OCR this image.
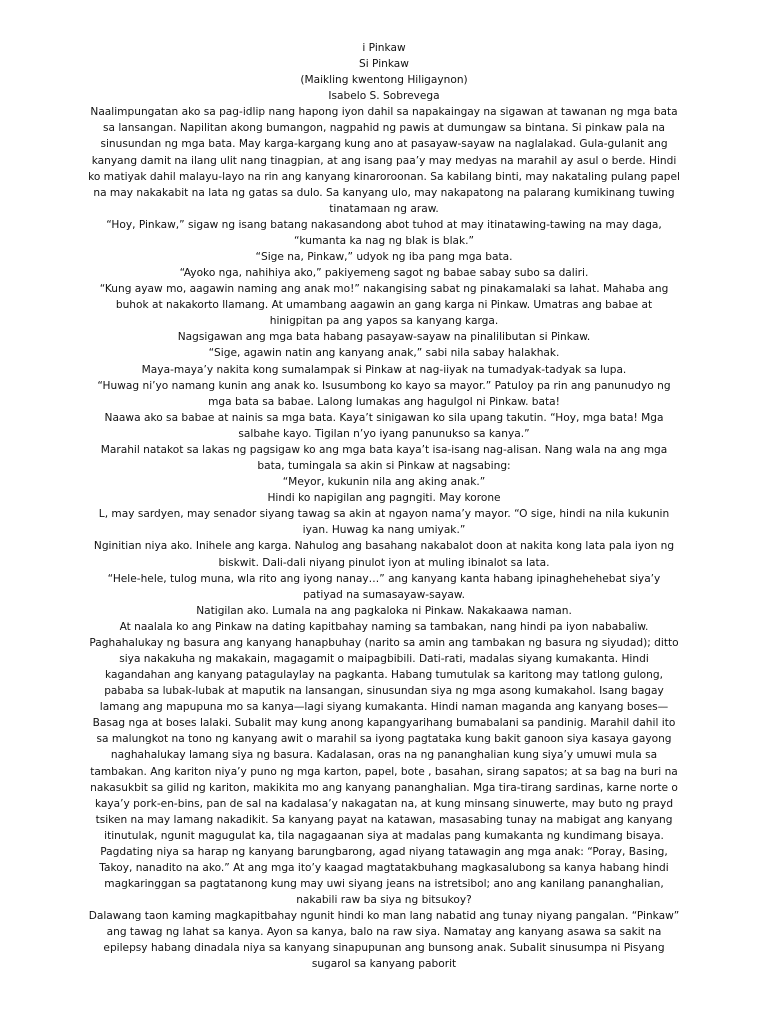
i Pinkaw

Si Pinkaw

(Maikling kwentong Hiligaynon)

Isabelo S. Sobrevega

Naalimpungatan ako sa pag-idlip nang hapong iyon dahil sa napakaingay na sigawan at tawanan ng mga bata sa lansangan. Napilitan akong bumangon, nagpahid ng pawis at dumungaw sa bintana. Si pinkaw pala na sinusundan ng mga bata. May karga-kargang kung ano at pasayaw-sayaw na naglalakad. Gula-gulanit ang kanyang damit na ilang ulit nang tinagpian, at ang isang paa’y may medyas na marahil ay asul o berde. Hindi ko matiyak dahil malayu-layo na rin ang kanyang kinaroroonan. Sa kabilang binti, may nakatali​ng pulang papel na may nakakabit na lata ng gatas sa dulo. Sa kanyang ulo, may nakapatong na palarang kumikinang tuwing tinatamaan ng araw.

“Hoy, Pinkaw,” sigaw ng isang batang nakasandong abot tuhod at may itinatawing-tawing na may daga, “kumanta ka nag ng blak is blak.”

“Sige na, Pinkaw,” udyok ng iba pang mga bata.

“Ayoko nga, nahihiya ako,” pakiyemeng sagot ng babae sabay subo sa daliri.

“Kung ayaw mo, aagawin naming ang anak mo!” nakangising sabat ng pinakamalaki sa lahat. Mahaba ang buhok at nakakorto llamang. At umambang aagawin an gang karga ni Pinkaw. Umatras ang babae at hinigpitan pa ang yapos sa kanyang karga.

Nagsigawan ang mga bata habang pasayaw-sayaw na pinalilibutan si Pinkaw.

“Sige, agawin natin ang kanyang anak,” sabi nila sabay halakhak.

Maya-maya’y nakita kong sumalampak si Pinkaw at nag-iiyak na tumadyak-tadyak sa lupa.

“Huwag ni’yo namang kunin ang anak ko. Isusumbong ko kayo sa mayor.” Patuloy pa rin ang panunudyo ng mga bata sa babae. Lalong lumakas ang hagulgol ni Pinkaw. bata!

Naawa ako sa babae at nainis sa mga bata. Kaya’t sinigawan ko sila upang takutin. “Hoy, mga bata! Mga salbahe kayo. Tigilan n’yo iyang panunukso sa kanya.”

Marahil natakot sa lakas ng pagsigaw ko ang mga bata kaya’t isa-isang nag-alisan. Nang wala na ang mga bata, tumingala sa akin si Pinkaw at nagsabing:

“Meyor, kukunin nila ang aking anak.”

Hindi ko napigilan ang pagngiti. May korone

L, may sardyen, may senador siyang tawag sa akin at ngayon nama’y mayor. “O sige, hindi na nila kukunin iyan. Huwag ka nang umiyak.”

Nginitian niya ako. Inihele ang karga. Nahulog ang basahang nakabalot doon at nakita kong lata pala iyon ng biskwit. Dali-dali niyang pinulot iyon at muling ibinalot sa lata.

“Hele-hele, tulog muna, wla rito ang iyong nanay…” ang kanyang kanta habang ipinaghehehebat siya’y patiyad na sumasayaw-sayaw.

Natigilan ako. Lumala na ang pagkaloka ni Pinkaw. Nakakaawa naman.

At naalala ko ang Pinkaw na dating kapitbahay naming sa tambakan, nang hindi pa iyon nababaliw. Paghahalukay ng basura ang kanyang hanapbuhay (narito sa amin ang tambakan ng basura ng siyudad); ditto siya nakakuha ng makakain, magagamit o maipagbibili. Dati-rati, madalas siyang kumakanta. Hindi kagandahan ang kanyang patagulaylay na pagkanta. Habang tumutulak sa karitong may tatlong gulong, pababa sa lubak-lubak at maputik na lansangan, sinusundan siya ng mga asong kumakahol. Isang bagay lamang ang mapupuna mo sa kanya—lagi siyang kumakanta. Hindi naman maganda ang kanyang boses—Basag nga at boses lalaki. Subalit may kung anong kapangyarihang bumabalani sa pandinig. Marahil dahil ito sa malungkot na tono ng kanyang awit o marahil sa iyong pagtataka kung bakit ganoon siya kasaya gayong naghahalukay lamang siya ng basura. Kadalasan, oras na ng pananghalian kung siya’y umuwi mula sa tambakan. Ang kariton niya’y puno ng mga karton, papel, bote , basahan, sirang sapatos; at sa bag na buri na nakasukbit sa gilid ng kariton, makikita mo ang kanyang pananghalian. Mga tira-tirang sardinas, karne norte o kaya’y pork-en-bins, pan de sal na kadalasa’y nakagatan na, at kung minsang sinuwerte, may buto ng prayd tsiken na may lamang nakadikit. Sa kanyang payat na katawan, masasabing tunay na mabigat ang kanyang itinutulak, ngunit magugulat ka, tila nagagaanan siya at madalas pang kumakanta ng kundimang bisaya.

Pagdating niya sa harap ng kanyang barungbarong, agad niyang tatawagin ang mga anak: “Poray, Basing, Takoy, nanadito na ako.” At ang mga ito’y kaagad magtatakbuhang magkasalubong sa kanya habang hindi magkaringgan sa pagtatanong kung may uwi siyang jeans na istretsibol; ano ang kanilang pananghalian, nakabili raw ba siya ng bitsukoy?

Dalawang taon kaming magkapitbahay ngunit hindi ko man lang nabatid ang tunay niyang pangalan. “Pinkaw” ang tawag ng lahat sa kanya. Ayon sa kanya, balo na raw siya. Namatay ang kanyang asawa sa sakit na epilepsy habang dinadala niya sa kanyang sinapupunan ang bunsong anak. Subalit sinusumpa ni Pisyang sugarol sa kanyang paborit
